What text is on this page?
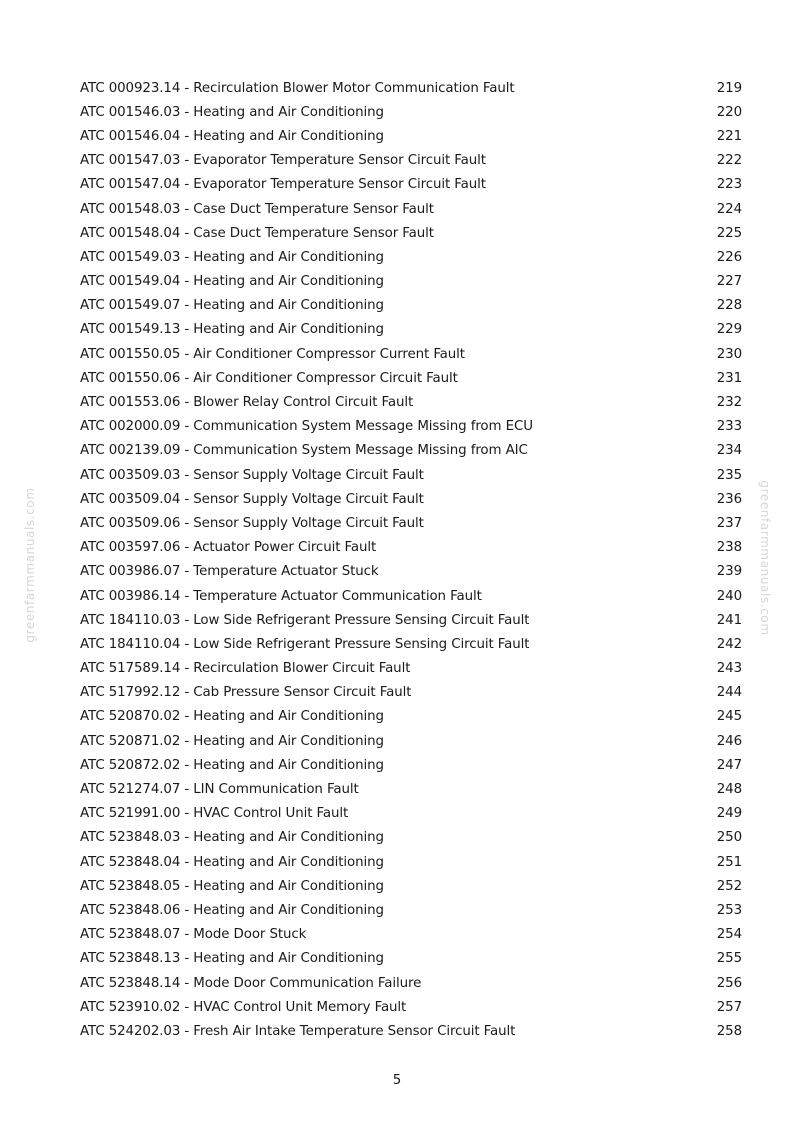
greenfarmmanuals.com	greenfarmmanuals.com
ATC 000923.14 - Recirculation Blower Motor Communication Fault	219
ATC 001546.03 - Heating and Air Conditioning	220
ATC 001546.04 - Heating and Air Conditioning	221
ATC 001547.03 - Evaporator Temperature Sensor Circuit Fault	222
ATC 001547.04 - Evaporator Temperature Sensor Circuit Fault	223
ATC 001548.03 - Case Duct Temperature Sensor Fault	224
ATC 001548.04 - Case Duct Temperature Sensor Fault	225
ATC 001549.03 - Heating and Air Conditioning	226
ATC 001549.04 - Heating and Air Conditioning	227
ATC 001549.07 - Heating and Air Conditioning	228
ATC 001549.13 - Heating and Air Conditioning	229
ATC 001550.05 - Air Conditioner Compressor Current Fault	230
ATC 001550.06 - Air Conditioner Compressor Circuit Fault	231
ATC 001553.06 - Blower Relay Control Circuit Fault	232
ATC 002000.09 - Communication System Message Missing from ECU	233
ATC 002139.09 - Communication System Message Missing from AIC	234
ATC 003509.03 - Sensor Supply Voltage Circuit Fault	235
ATC 003509.04 - Sensor Supply Voltage Circuit Fault	236
ATC 003509.06 - Sensor Supply Voltage Circuit Fault	237
ATC 003597.06 - Actuator Power Circuit Fault	238
ATC 003986.07 - Temperature Actuator Stuck	239
ATC 003986.14 - Temperature Actuator Communication Fault	240
ATC 184110.03 - Low Side Refrigerant Pressure Sensing Circuit Fault	241
ATC 184110.04 - Low Side Refrigerant Pressure Sensing Circuit Fault	242
ATC 517589.14 - Recirculation Blower Circuit Fault	243
ATC 517992.12 - Cab Pressure Sensor Circuit Fault	244
ATC 520870.02 - Heating and Air Conditioning	245
ATC 520871.02 - Heating and Air Conditioning	246
ATC 520872.02 - Heating and Air Conditioning	247
ATC 521274.07 - LIN Communication Fault	248
ATC 521991.00 - HVAC Control Unit Fault	249
ATC 523848.03 - Heating and Air Conditioning	250
ATC 523848.04 - Heating and Air Conditioning	251
ATC 523848.05 - Heating and Air Conditioning	252
ATC 523848.06 - Heating and Air Conditioning	253
ATC 523848.07 - Mode Door Stuck	254
ATC 523848.13 - Heating and Air Conditioning	255
ATC 523848.14 - Mode Door Communication Failure	256
ATC 523910.02 - HVAC Control Unit Memory Fault	257
ATC 524202.03 - Fresh Air Intake Temperature Sensor Circuit Fault	258
5
